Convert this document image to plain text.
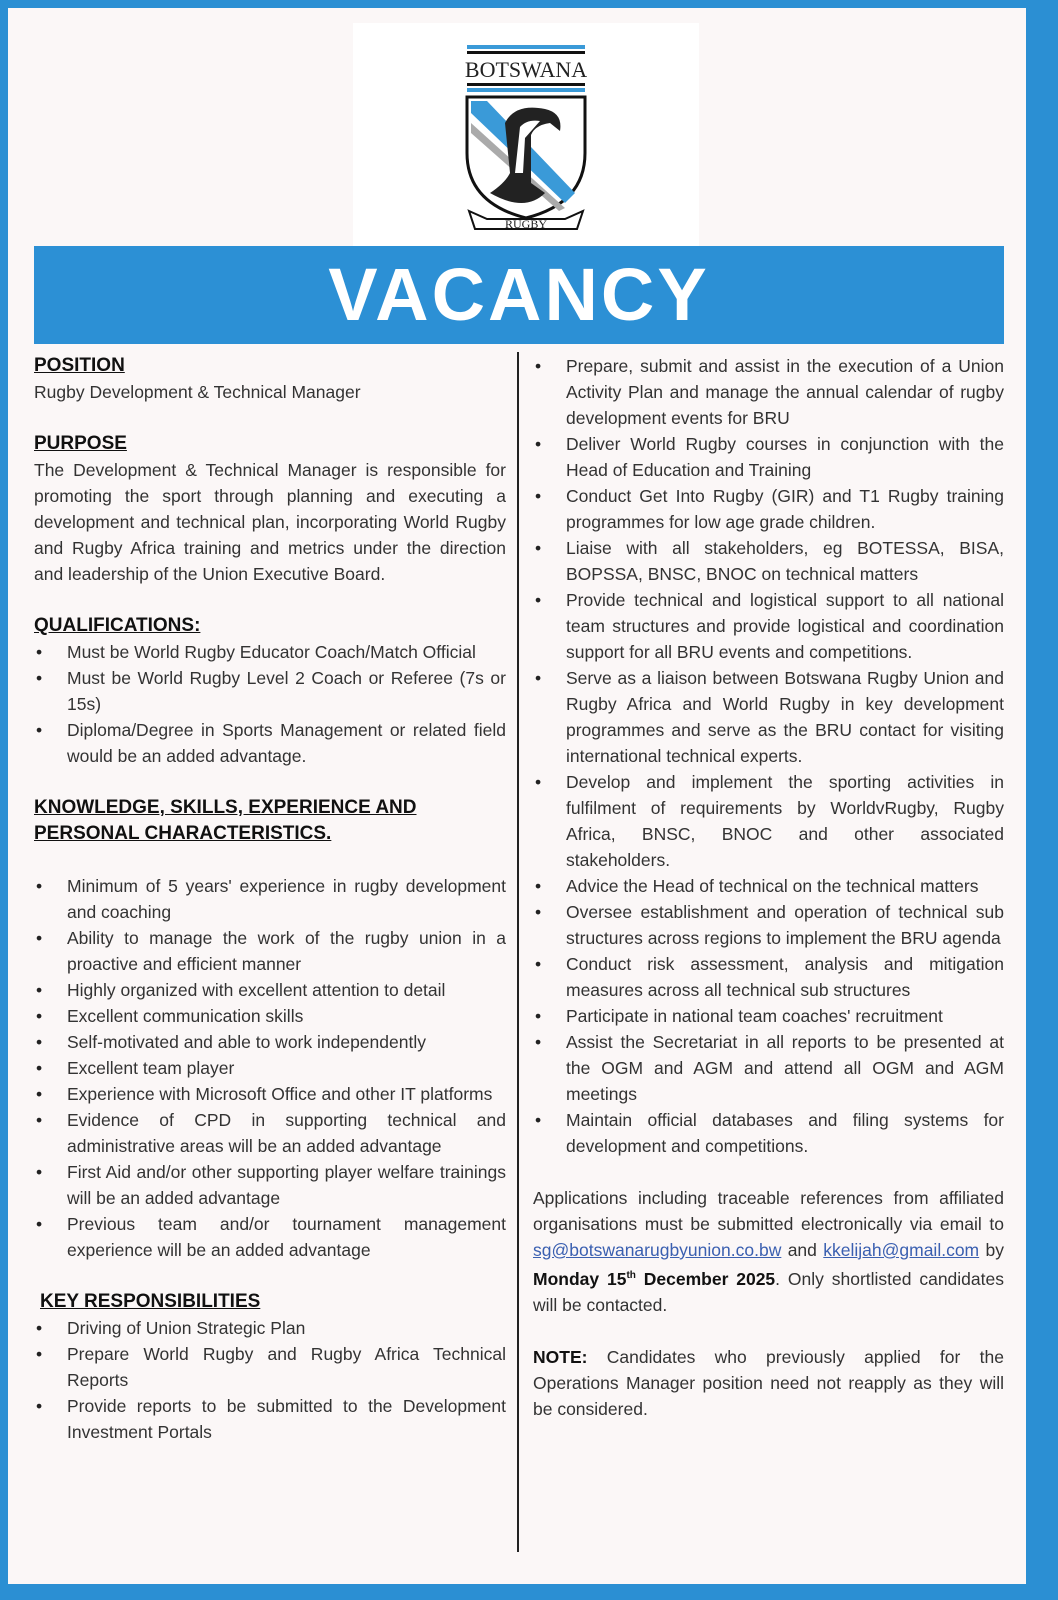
BOTSWANA
RUGBY
VACANCY
POSITION

Rugby Development & Technical Manager

PURPOSE

The Development & Technical Manager is responsible for promoting the sport through planning and executing a development and technical plan, incorporating World Rugby and Rugby Africa training and metrics under the direction and leadership of the Union Executive Board.

QUALIFICATIONS:
• Must be World Rugby Educator Coach/Match Official
• Must be World Rugby Level 2 Coach or Referee (7s or 15s)
• Diploma/Degree in Sports Management or related field would be an added advantage.
KNOWLEDGE, SKILLS, EXPERIENCE AND PERSONAL CHARACTERISTICS.
• Minimum of 5 years' experience in rugby development and coaching
• Ability to manage the work of the rugby union in a proactive and efficient manner
• Highly organized with excellent attention to detail
• Excellent communication skills
• Self-motivated and able to work independently
• Excellent team player
• Experience with Microsoft Office and other IT platforms
• Evidence of CPD in supporting technical and administrative areas will be an added advantage
• First Aid and/or other supporting player welfare trainings will be an added advantage
• Previous team and/or tournament management experience will be an added advantage
KEY RESPONSIBILITIES
• Driving of Union Strategic Plan
• Prepare World Rugby and Rugby Africa Technical Reports
• Provide reports to be submitted to the Development Investment Portals
• Prepare, submit and assist in the execution of a Union Activity Plan and manage the annual calendar of rugby development events for BRU
• Deliver World Rugby courses in conjunction with the Head of Education and Training
• Conduct Get Into Rugby (GIR) and T1 Rugby training programmes for low age grade children.
• Liaise with all stakeholders, eg BOTESSA, BISA, BOPSSA, BNSC, BNOC on technical matters
• Provide technical and logistical support to all national team structures and provide logistical and coordination support for all BRU events and competitions.
• Serve as a liaison between Botswana Rugby Union and Rugby Africa and World Rugby in key development programmes and serve as the BRU contact for visiting international technical experts.
• Develop and implement the sporting activities in fulfilment of requirements by WorldvRugby, Rugby Africa, BNSC, BNOC and other associated stakeholders.
• Advice the Head of technical on the technical matters
• Oversee establishment and operation of technical sub structures across regions to implement the BRU agenda
• Conduct risk assessment, analysis and mitigation measures across all technical sub structures
• Participate in national team coaches' recruitment
• Assist the Secretariat in all reports to be presented at the OGM and AGM and attend all OGM and AGM meetings
• Maintain official databases and filing systems for development and competitions.

Applications including traceable references from affiliated organisations must be submitted electronically via email to sg@botswanarugbyunion.co.bw and kkelijah@gmail.com by Monday 15th December 2025. Only shortlisted candidates will be contacted.

NOTE: Candidates who previously applied for the Operations Manager position need not reapply as they will be considered.
